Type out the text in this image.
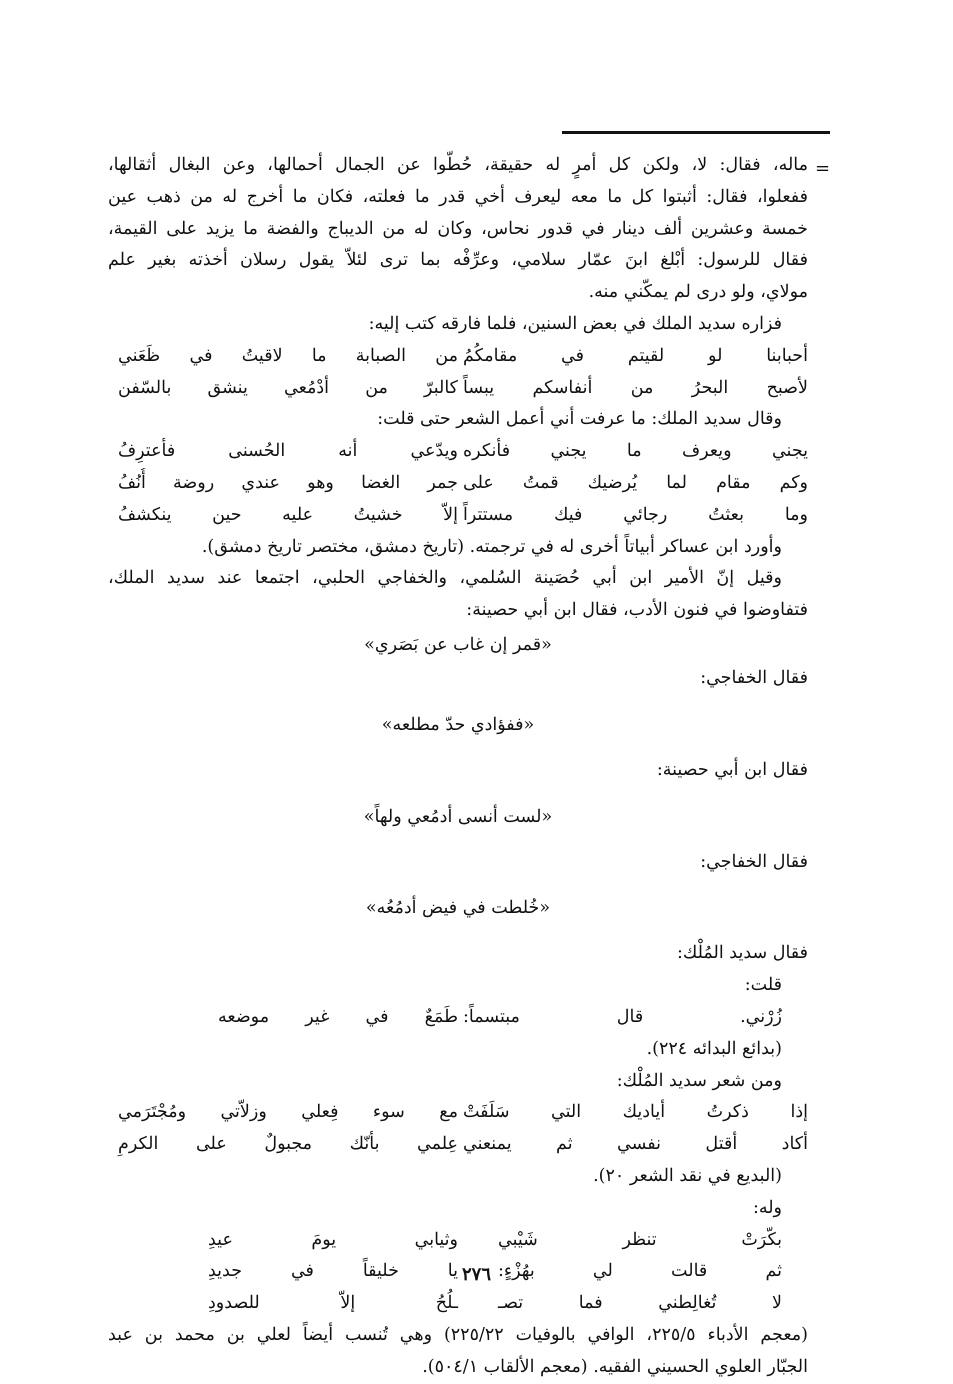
=
ماله، فقال: لا، ولكن كل أمرٍ له حقيقة، حُطّوا عن الجمال أحمالها، وعن البغال أثقالها،
ففعلوا، فقال: أثبتوا كل ما معه ليعرف أخي قدر ما فعلته، فكان ما أخرج له من ذهب عين
خمسة وعشرين ألف دينار في قدور نحاس، وكان له من الديباج والفضة ما يزيد على القيمة،
فقال للرسول: أبْلغ ابنَ عمّار سلامي، وعرِّفْه بما ترى لئلاّ يقول رسلان أخذته بغير علم
مولاي، ولو درى لم يمكّني منه.
فزاره سديد الملك في بعض السنين، فلما فارقه كتب إليه:
أحبابنا لو لقيتم في مقامكُمُ
من الصبابة ما لاقيتُ في ظَعَني
لأصبح البحرُ من أنفاسكم يبساً
كالبرّ من أدْمُعي ينشق بالسّفن
وقال سديد الملك: ما عرفت أني أعمل الشعر حتى قلت:
يجني ويعرف ما يجني فأنكره
ويدّعي أنه الحُسنى فأعترِفُ
وكم مقام لما يُرضيك قمتُ على
جمر الغضا وهو عندي روضة أُنُفُ
وما بعثتُ رجائي فيك مستتراً
إلاّ خشيتُ عليه حين ينكشفُ
وأورد ابن عساكر أبياتاً أخرى له في ترجمته. (تاريخ دمشق، مختصر تاريخ دمشق).
وقيل إنّ الأمير ابن أبي حُصَينة السُلمي، والخفاجي الحلبي، اجتمعا عند سديد الملك،
فتفاوضوا في فنون الأدب، فقال ابن أبي حصينة:
«قمر إن غاب عن بَصَري»
فقال الخفاجي:
«ففؤادي حدّ مطلعه»
فقال ابن أبي حصينة:
«لست أنسى أدمُعي ولهاً»
فقال الخفاجي:
«خُلطت في فيض أدمُعُه»
فقال سديد المُلْك:
قلت:
زُرْني. قال مبتسماً:
طَمَعٌ في غير موضعه
(بدائع البدائه ٢٢٤).
ومن شعر سديد المُلْك:
إذا ذكرتُ أياديك التي سَلَفَتْ
مع سوء فِعلي وزلاّتي ومُجْتَرَمي
أكاد أقتل نفسي ثم يمنعني
عِلمي بأنّك مجبولٌ على الكرمِ
(البديع في نقد الشعر ٢٠).
وله:
بكّرَتْ تنظر شَيْبي
وثيابي يومَ عيدِ
ثم قالت لي بهُزْءٍ:
يا خليقاً في جديدِ
لا تُغالِطني فما تصـ
ـلُحُ إلاّ للصدودِ
(معجم الأدباء ٢٢٥/٥، الوافي بالوفيات ٢٢٥/٢٢) وهي تُنسب أيضاً لعلي بن محمد بن عبد
الجبّار العلوي الحسيني الفقيه. (معجم الألقاب ٥٠٤/١).
٢٧٦
